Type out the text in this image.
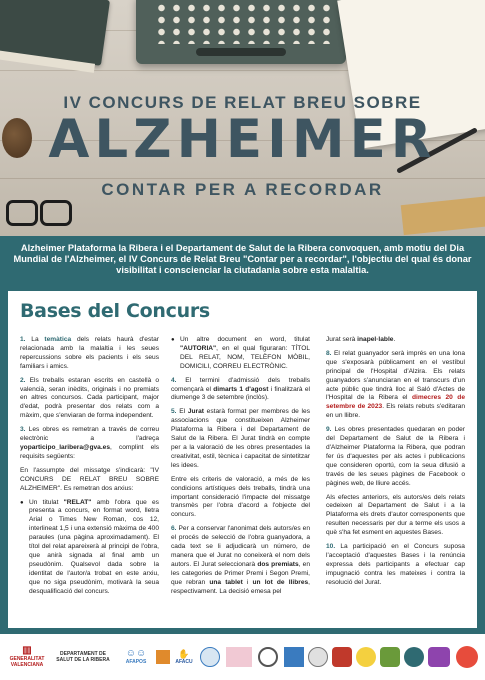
IV CONCURS DE RELAT BREU SOBRE
ALZHEIMER
CONTAR PER A RECORDAR
Alzheimer Plataforma la Ribera i el Departament de Salut de la Ribera convoquen, amb motiu del Dia Mundial de l'Alzheimer, el IV Concurs de Relat Breu "Contar per a recordar", l'objectiu del qual és donar visibilitat i conscienciar la ciutadania sobre esta malaltia.
Bases del Concurs

1. La temàtica dels relats haurà d'estar relacionada amb la malaltia i les seues repercussions sobre els pacients i els seus familiars i amics.

2. Els treballs estaran escrits en castellà o valencià, seran inèdits, originals i no premiats en altres concursos. Cada participant, major d'edat, podrà presentar dos relats com a màxim, que s'enviaran de forma independent.

3. Les obres es remetran a través de correu electrònic a l'adreça yoparticipo_laribera@gva.es, complint els requisits següents:

En l'assumpte del missatge s'indicarà: "IV CONCURS DE RELAT BREU SOBRE ALZHEIMER". Es remetran dos arxius:

● Un titulat "RELAT" amb l'obra que es presenta a concurs, en format word, lletra Arial o Times New Roman, cos 12, interlineat 1,5 i una extensió màxima de 400 paraules (una pàgina aproximadament). El títol del relat apareixerà al principi de l'obra, que anirà signada al final amb un pseudònim. Qualsevol dada sobre la identitat de l'autor/a trobat en este arxiu, que no siga pseudònim, motivarà la seua desqualificació del concurs.

● Un altre document en word, titulat "AUTORIA", en el qual figuraran: TÍTOL DEL RELAT, NOM, TELÈFON MÒBIL, DOMICILI, CORREU ELECTRÒNIC.

4. El termini d'admissió dels treballs començarà el dimarts 1 d'agost i finalitzarà el diumenge 3 de setembre (inclòs).

5. El Jurat estarà format per membres de les associacions que constitueixen Alzheimer Plataforma la Ribera i del Departament de Salut de la Ribera. El Jurat tindrà en compte per a la valoració de les obres presentades la creativitat, estil, tècnica i capacitat de sintetitzar les idees.

Entre els criteris de valoració, a més de les condicions artístiques dels treballs, tindrà una important consideració l'impacte del missatge transmès per l'obra d'acord a l'objecte del concurs.

6. Per a conservar l'anonimat dels autors/es en el procés de selecció de l'obra guanyadora, a cada text se li adjudicarà un número, de manera que el Jurat no coneixerà el nom dels autors. El Jurat seleccionarà dos premiats, en les categories de Primer Premi i Segon Premi, que rebran una tablet i un lot de llibres, respectivament. La decisió emesa pel

Jurat serà inapel·lable.

8. El relat guanyador serà imprés en una lona que s'exposarà públicament en el vestíbul principal de l'Hospital d'Alzira. Els relats guanyadors s'anunciaran en el transcurs d'un acte públic que tindrà lloc al Saló d'Actes de l'Hospital de la Ribera el dimecres 20 de setembre de 2023. Els relats rebuts s'editaran en un llibre.

9. Les obres presentades quedaran en poder del Departament de Salut de la Ribera i d'Alzheimer Plataforma la Ribera, que podran fer ús d'aquestes per als actes i publicacions que consideren oportú, com la seua difusió a través de les seues pàgines de Facebook o pàgines web, de lliure accés.

Als efectes anteriors, els autors/es dels relats cedeixen al Departament de Salut i a la Plataforma els drets d'autor corresponents que resulten necessaris per dur a terme els usos a què s'ha fet esment en aquestes Bases.

10. La participació en el Concurs suposa l'acceptació d'aquestes Bases i la renúncia expressa dels participants a efectuar cap impugnació contra les mateixes i contra la resolució del Jurat.

▥
GENERALITAT VALENCIANA
DEPARTAMENT DE SALUT DE LA RIBERA
☺☺
AFAPOS
✋
AFACU
